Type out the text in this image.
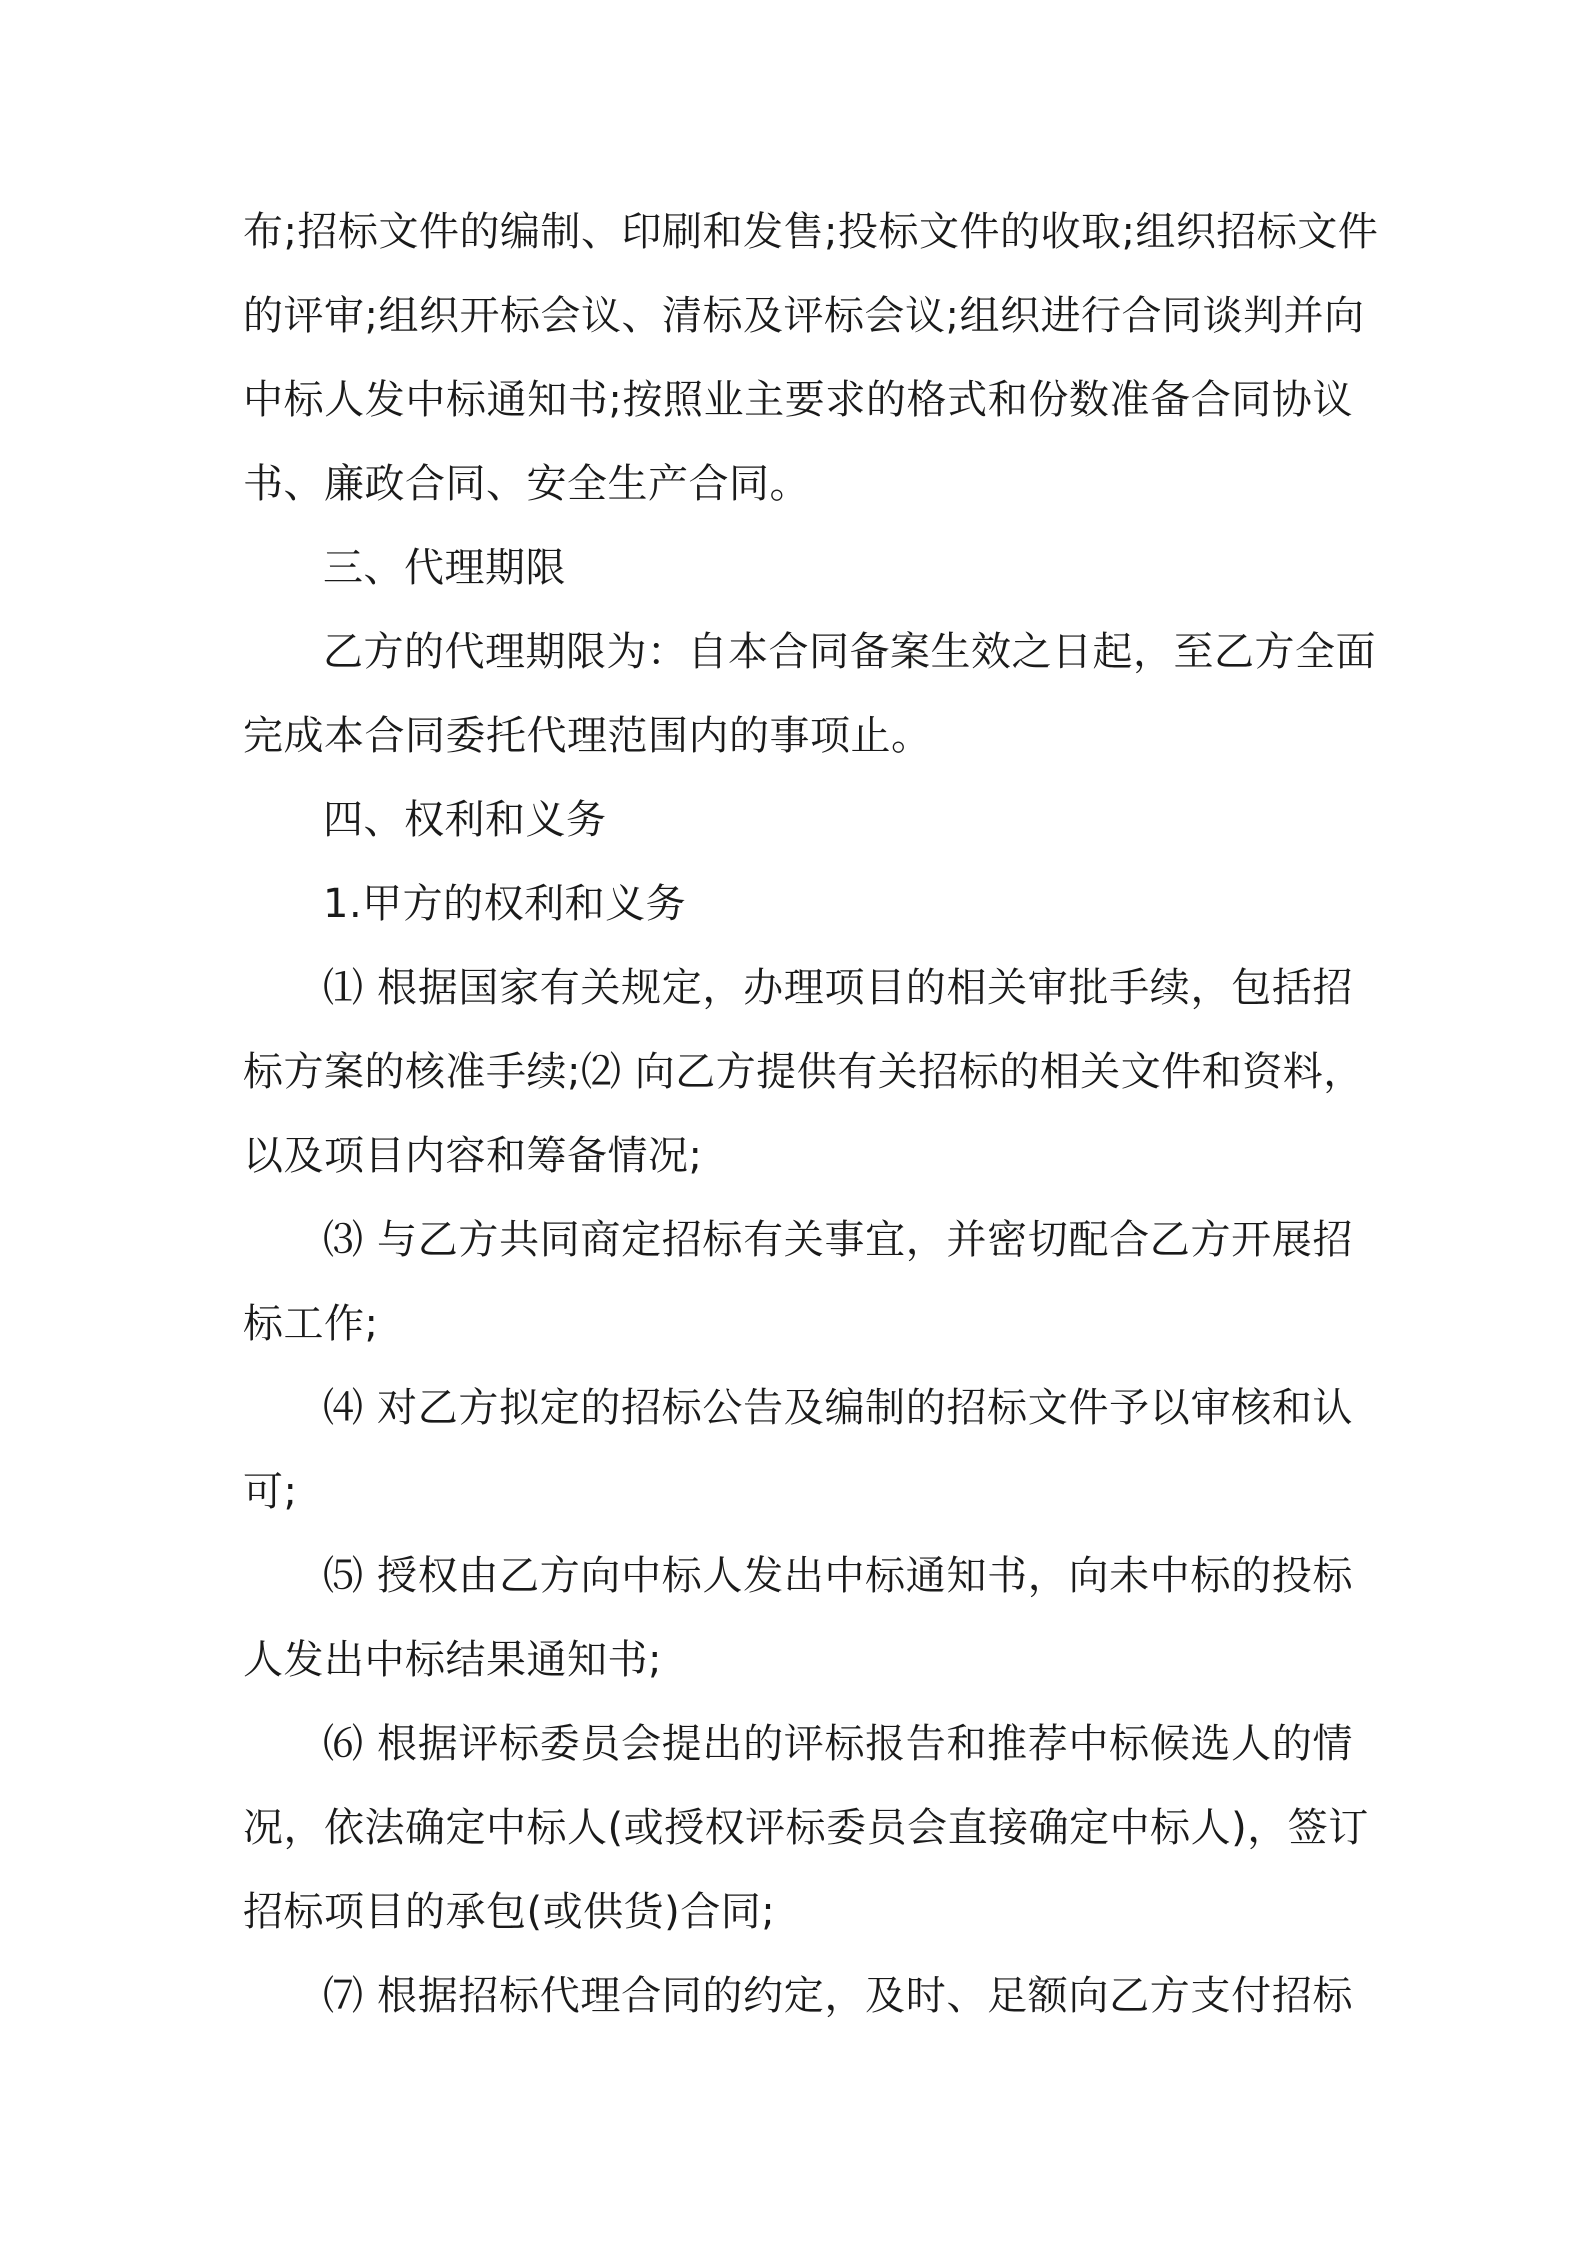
布;招标文件的编制、印刷和发售;投标文件的收取;组织招标文件
的评审;组织开标会议、清标及评标会议;组织进行合同谈判并向
中标人发中标通知书;按照业主要求的格式和份数准备合同协议
书、廉政合同、安全生产合同。
三、代理期限
乙方的代理期限为：自本合同备案生效之日起，至乙方全面
完成本合同委托代理范围内的事项止。
四、权利和义务
1.甲方的权利和义务
⑴ 根据国家有关规定，办理项目的相关审批手续，包括招
标方案的核准手续;⑵ 向乙方提供有关招标的相关文件和资料，
以及项目内容和筹备情况;
⑶ 与乙方共同商定招标有关事宜，并密切配合乙方开展招
标工作;
⑷ 对乙方拟定的招标公告及编制的招标文件予以审核和认
可;
⑸ 授权由乙方向中标人发出中标通知书，向未中标的投标
人发出中标结果通知书;
⑹ 根据评标委员会提出的评标报告和推荐中标候选人的情
况，依法确定中标人(或授权评标委员会直接确定中标人)，签订
招标项目的承包(或供货)合同;
⑺ 根据招标代理合同的约定，及时、足额向乙方支付招标
